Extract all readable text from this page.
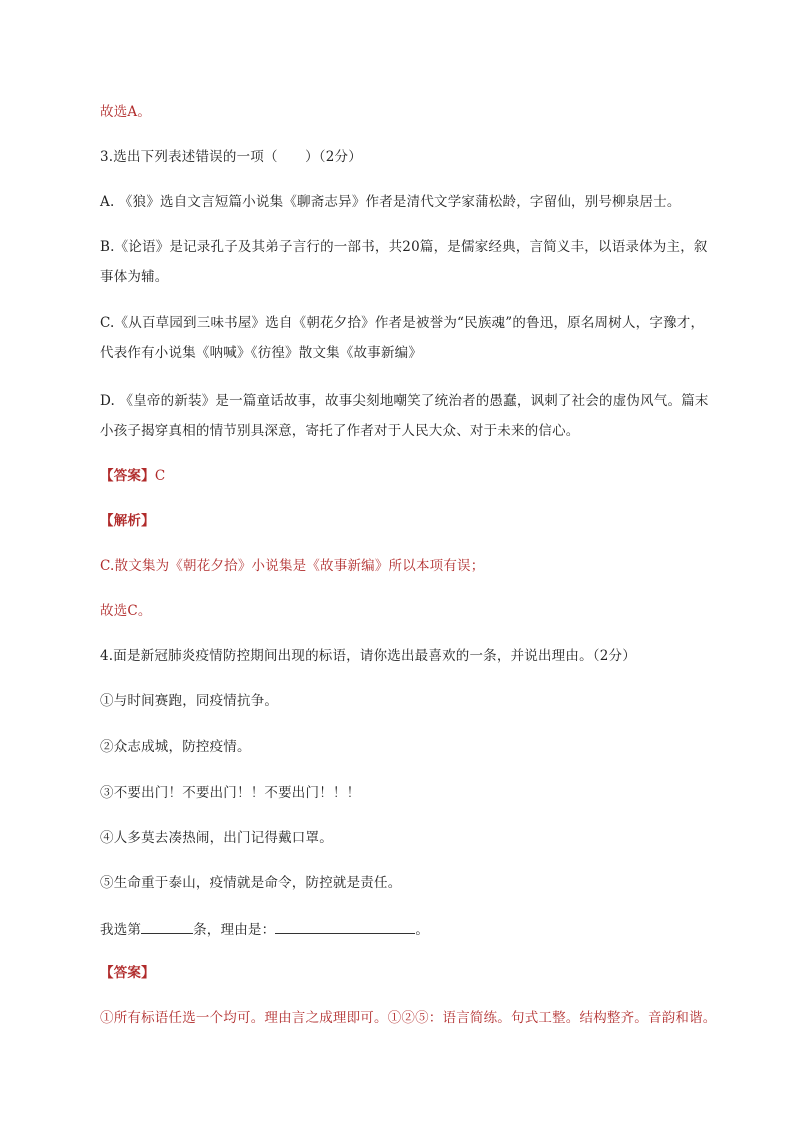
故选A。
3.选出下列表述错误的一项（　　）（2分）
A. 《狼》选自文言短篇小说集《聊斋志异》作者是清代文学家蒲松龄，字留仙，别号柳泉居士。
B.《论语》是记录孔子及其弟子言行的一部书，共20篇，是儒家经典，言简义丰，以语录体为主，叙
事体为辅。
C.《从百草园到三味书屋》选自《朝花夕拾》作者是被誉为“民族魂”的鲁迅，原名周树人，字豫才，
代表作有小说集《呐喊》《彷徨》散文集《故事新编》
D. 《皇帝的新装》是一篇童话故事，故事尖刻地嘲笑了统治者的愚蠢，讽刺了社会的虚伪风气。篇末
小孩子揭穿真相的情节别具深意，寄托了作者对于人民大众、对于未来的信心。
【答案】C
【解析】
C.散文集为《朝花夕拾》小说集是《故事新编》所以本项有误；
故选C。
4.面是新冠肺炎疫情防控期间出现的标语，请你选出最喜欢的一条，并说出理由。（2分）
①与时间赛跑，同疫情抗争。
②众志成城，防控疫情。
③不要出门！不要出门！！不要出门！！！
④人多莫去凑热闹，出门记得戴口罩。
⑤生命重于泰山，疫情就是命令，防控就是责任。
我选第	条，理由是：	。
【答案】
①所有标语任选一个均可。理由言之成理即可。①②⑤：语言简练。句式工整。结构整齐。音韵和谐。
